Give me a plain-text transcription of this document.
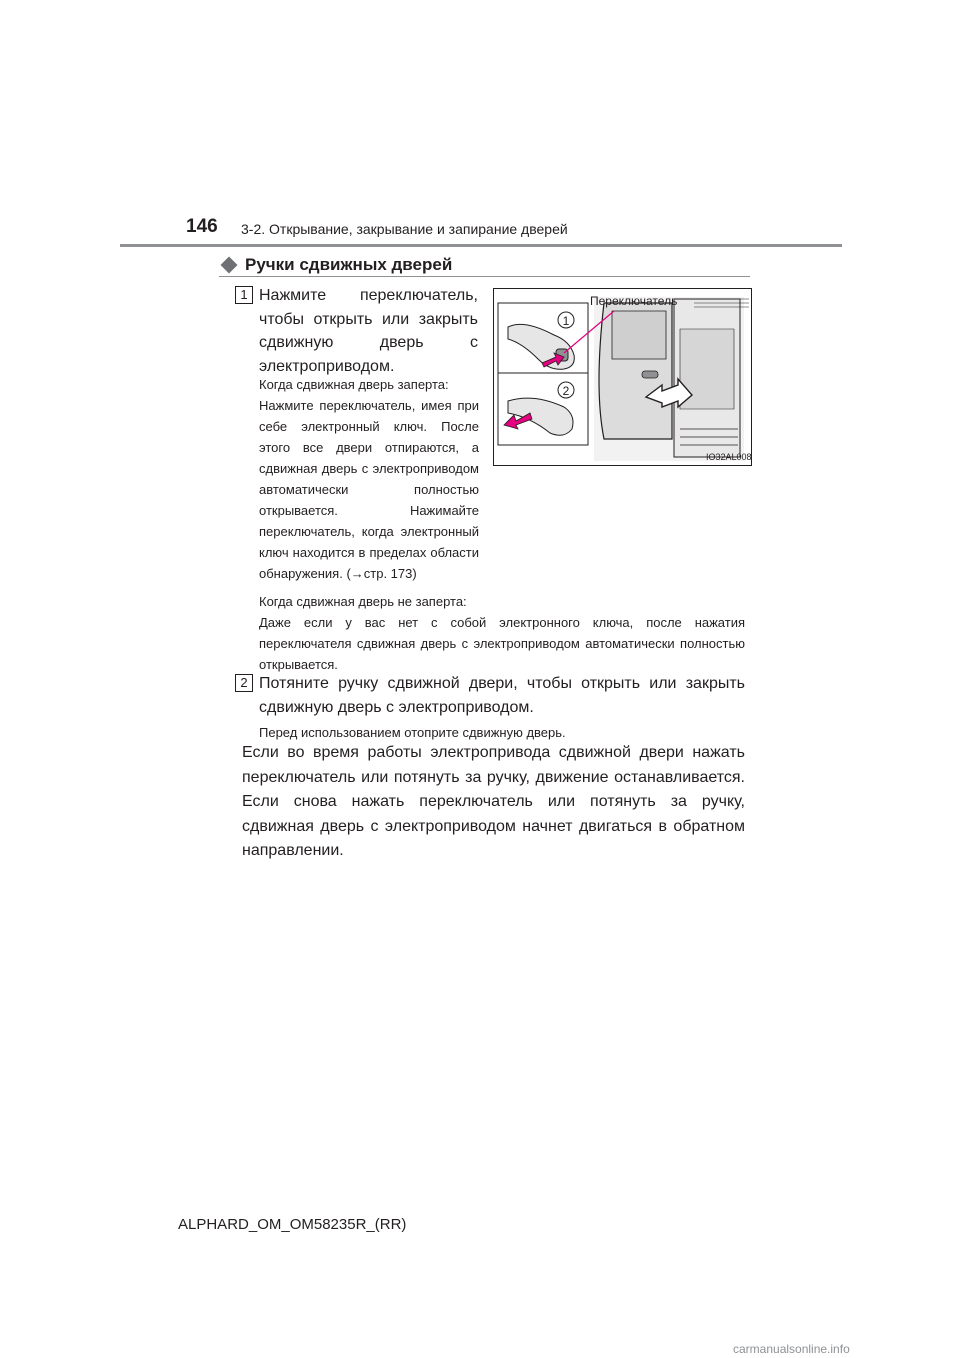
146 3-2. Открывание, закрывание и запирание дверей
Ручки сдвижных дверей
1 Нажмите переключатель, чтобы открыть или закрыть сдвижную дверь с
электроприводом.
Когда сдвижная дверь заперта:
Нажмите переключатель, имея при себе электронный ключ. После этого все двери отпираются, а сдвижная дверь с электроприводом автоматически полностью открывается. Нажимайте переключатель, когда электронный ключ находится в пределах области обнаружения. (→стр. 173)
Когда сдвижная дверь не заперта:
Даже если у вас нет с собой электронного ключа, после нажатия переключателя сдвижная дверь с электроприводом автоматически полностью открывается.
2 Потяните ручку сдвижной двери, чтобы открыть или закрыть сдвижную дверь с электроприводом.
Перед использованием отоприте сдвижную дверь.
Если во время работы электропривода сдвижной двери нажать переключатель или потянуть за ручку, движение останавливается. Если снова нажать переключатель или потянуть за ручку, сдвижная дверь с электроприводом начнет двигаться в обратном направлении.
1
2
Переключатель
IO32AL008
ALPHARD_OM_OM58235R_(RR)
carmanualsonline.info
